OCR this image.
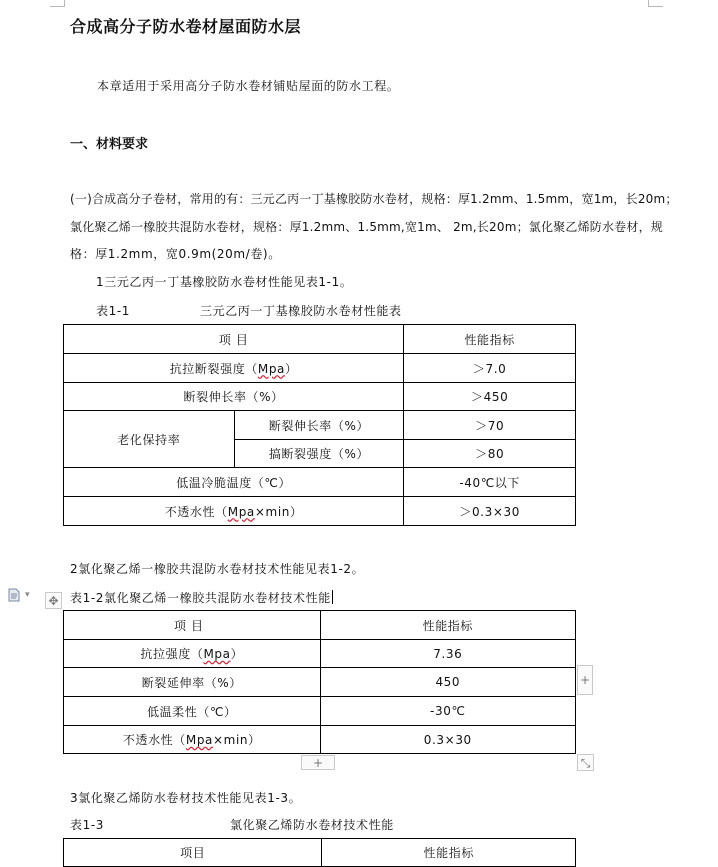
合成高分子防水卷材屋面防水层
本章适用于采用高分子防水卷材铺贴屋面的防水工程。
一、材料要求
(一)合成高分子卷材，常用的有：三元乙丙一丁基橡胶防水卷材，规格：厚1.2mm、1.5mm，宽1m，长20m；
氯化聚乙烯一橡胶共混防水卷材，规格：厚1.2mm、1.5mm,宽1m、 2m,长20m；氯化聚乙烯防水卷材，规
格：厚1.2mm，宽0.9m(20m/卷)。
1三元乙丙一丁基橡胶防水卷材性能见表1-1。
表1-1	三元乙丙一丁基橡胶防水卷材性能表
项 目		性能指标
抗拉断裂强度（Mpa）		＞7.0
断裂伸长率（%）		＞450
老化保持率	断裂伸长率（%）	＞70
	搞断裂强度（%）	＞80
低温冷脆温度（℃）		-40℃以下
不透水性（Mpa×min）		＞0.3×30
2氯化聚乙烯一橡胶共混防水卷材技术性能见表1-2。
▾ ✥ 表1-2氯化聚乙烯一橡胶共混防水卷材技术性能
项 目	性能指标
抗拉强度（Mpa）	7.36
断裂延伸率（%）	450
低温柔性（℃）	-30℃
不透水性（Mpa×min）	0.3×30
+
+	⤡
3氯化聚乙烯防水卷材技术性能见表1-3。
表1-3	氯化聚乙烯防水卷材技术性能
项目	性能指标
